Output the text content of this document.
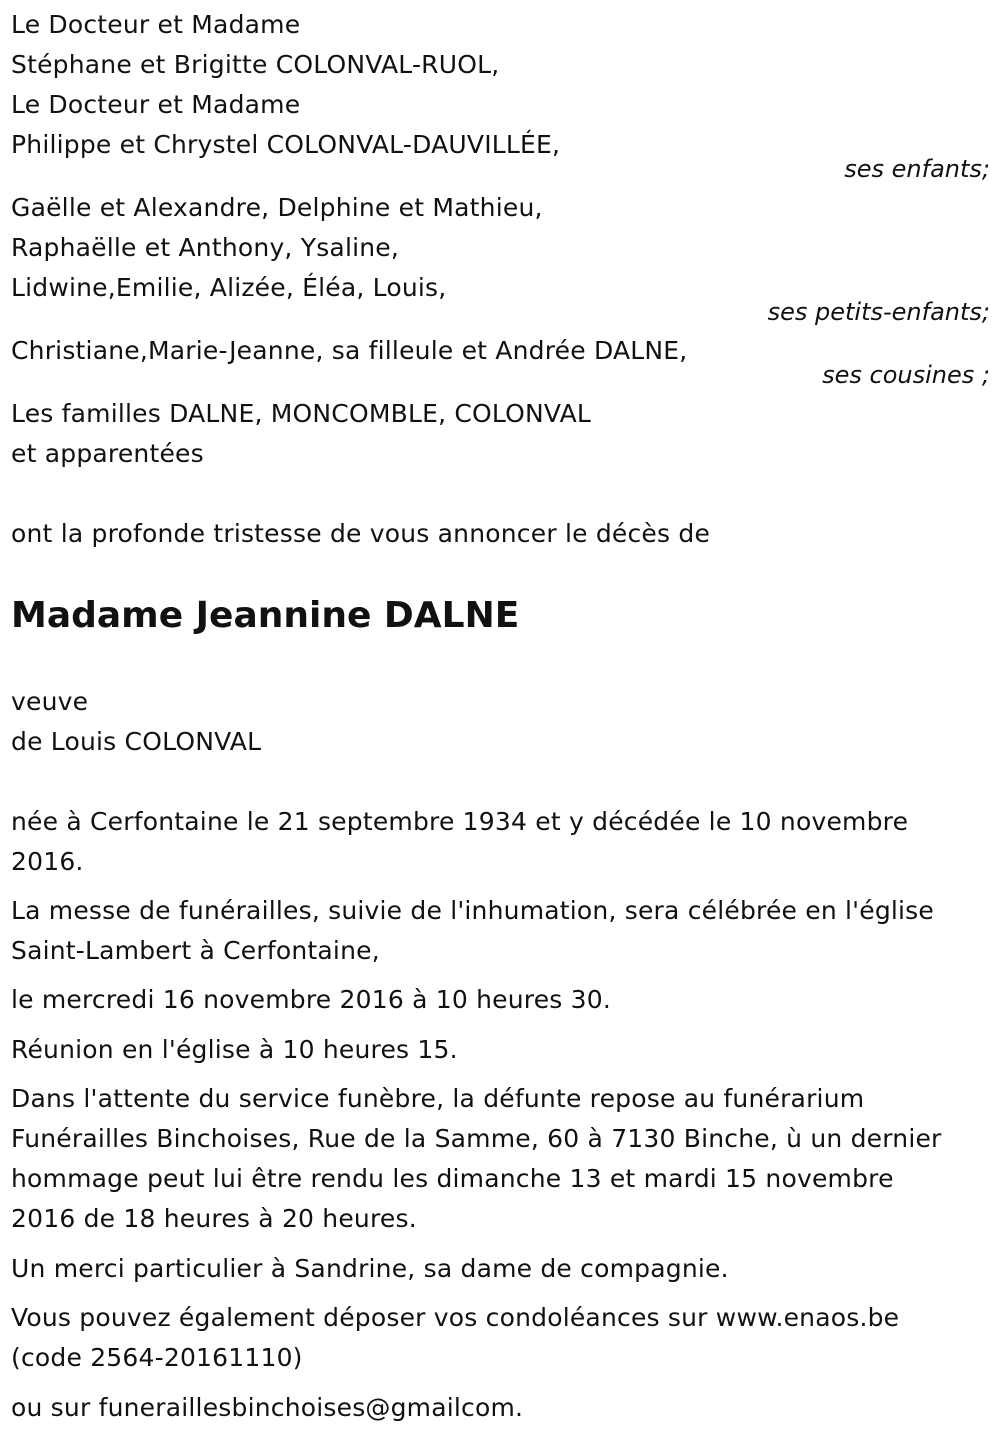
Le Docteur et Madame
Stéphane et Brigitte COLONVAL-RUOL,
Le Docteur et Madame
Philippe et Chrystel COLONVAL-DAUVILLÉE,
ses enfants;
Gaëlle et Alexandre, Delphine et Mathieu,
Raphaëlle et Anthony, Ysaline,
Lidwine,Emilie, Alizée, Éléa, Louis,
ses petits-enfants;
Christiane,Marie-Jeanne, sa filleule et Andrée DALNE,
ses cousines ;
Les familles DALNE, MONCOMBLE, COLONVAL
et apparentées
ont la profonde tristesse de vous annoncer le décès de
Madame Jeannine DALNE
veuve
de Louis COLONVAL
née à Cerfontaine le 21 septembre 1934 et y décédée le 10 novembre
2016.
La messe de funérailles, suivie de l'inhumation, sera célébrée en l'église
Saint-Lambert à Cerfontaine,
le mercredi 16 novembre 2016 à 10 heures 30.
Réunion en l'église à 10 heures 15.
Dans l'attente du service funèbre, la défunte repose au funérarium
Funérailles Binchoises, Rue de la Samme, 60 à 7130 Binche, ù un dernier
hommage peut lui être rendu les dimanche 13 et mardi 15 novembre
2016 de 18 heures à 20 heures.
Un merci particulier à Sandrine, sa dame de compagnie.
Vous pouvez également déposer vos condoléances sur www.enaos.be
(code 2564-20161110)
ou sur funeraillesbinchoises@gmailcom.
